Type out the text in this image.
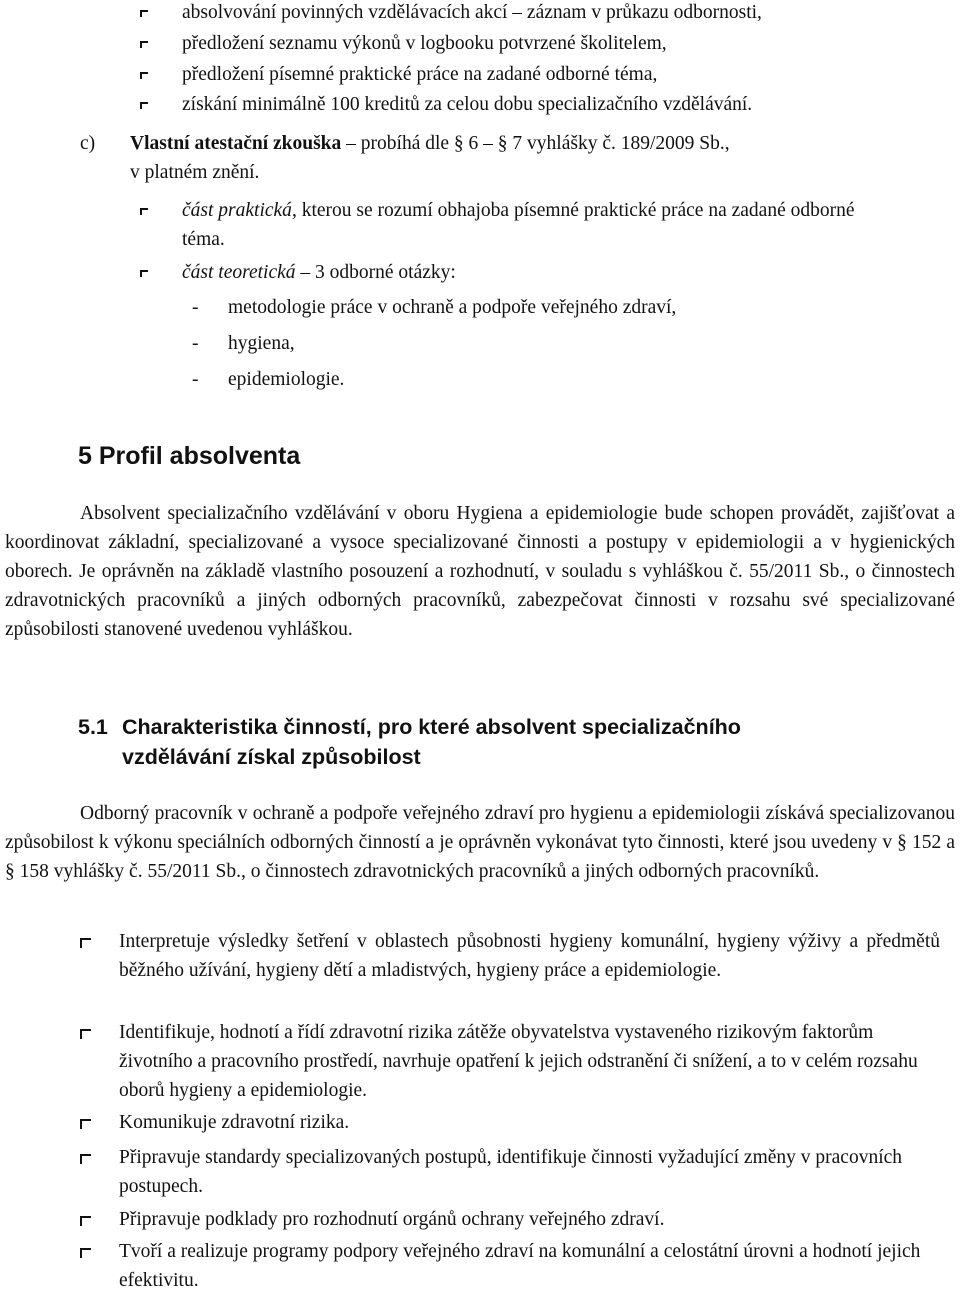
absolvování povinných vzdělávacích akcí – záznam v průkazu odbornosti,
předložení seznamu výkonů v logbooku potvrzené školitelem,
předložení písemné praktické práce na zadané odborné téma,
získání minimálně 100 kreditů za celou dobu specializačního vzdělávání.
c) Vlastní atestační zkouška – probíhá dle § 6 – § 7 vyhlášky č. 189/2009 Sb.,
v platném znění.
část praktická, kterou se rozumí obhajoba písemné praktické práce na zadané odborné téma.
část teoretická – 3 odborné otázky:
- metodologie práce v ochraně a podpoře veřejného zdraví,
- hygiena,
- epidemiologie.
5 Profil absolventa
Absolvent specializačního vzdělávání v oboru Hygiena a epidemiologie bude schopen provádět, zajišťovat a koordinovat základní, specializované a vysoce specializované činnosti a postupy v epidemiologii a v hygienických oborech. Je oprávněn na základě vlastního posouzení a rozhodnutí, v souladu s vyhláškou č. 55/2011 Sb., o činnostech zdravotnických pracovníků a jiných odborných pracovníků, zabezpečovat činnosti v rozsahu své specializované způsobilosti stanovené uvedenou vyhláškou.
5.1 Charakteristika činností, pro které absolvent specializačního
vzdělávání získal způsobilost
Odborný pracovník v ochraně a podpoře veřejného zdraví pro hygienu a epidemiologii získává specializovanou způsobilost k výkonu speciálních odborných činností a je oprávněn vykonávat tyto činnosti, které jsou uvedeny v § 152 a § 158 vyhlášky č. 55/2011 Sb., o činnostech zdravotnických pracovníků a jiných odborných pracovníků.
Interpretuje výsledky šetření v oblastech působnosti hygieny komunální, hygieny výživy a předmětů běžného užívání, hygieny dětí a mladistvých, hygieny práce a epidemiologie.
Identifikuje, hodnotí a řídí zdravotní rizika zátěže obyvatelstva vystaveného rizikovým faktorům životního a pracovního prostředí, navrhuje opatření k jejich odstranění či snížení, a to v celém rozsahu oborů hygieny a epidemiologie.
Komunikuje zdravotní rizika.
Připravuje standardy specializovaných postupů, identifikuje činnosti vyžadující změny v pracovních postupech.
Připravuje podklady pro rozhodnutí orgánů ochrany veřejného zdraví.
Tvoří a realizuje programy podpory veřejného zdraví na komunální a celostátní úrovni a hodnotí jejich efektivitu.
